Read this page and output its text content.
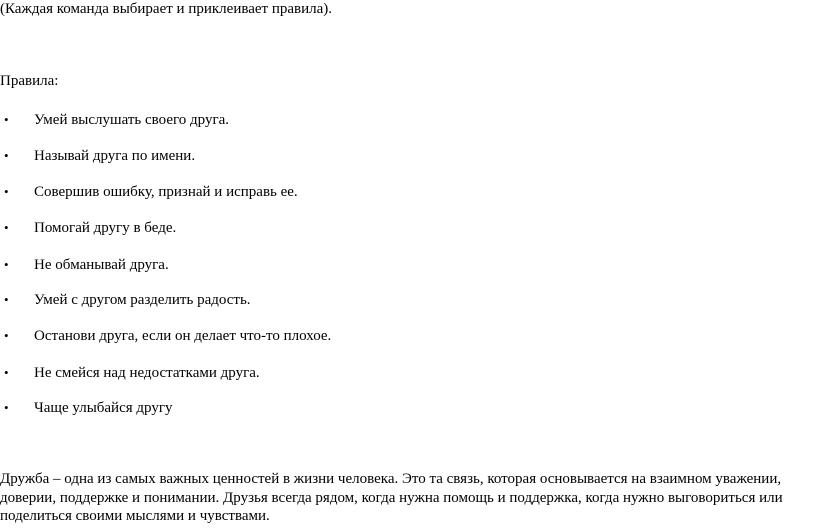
(Каждая команда выбирает и приклеивает правила).
Правила:
• Умей выслушать своего друга.
• Называй друга по имени.
• Совершив ошибку, признай и исправь ее.
• Помогай другу в беде.
• Не обманывай друга.
• Умей с другом разделить радость.
• Останови друга, если он делает что-то плохое.
• Не смейся над недостатками друга.
• Чаще улыбайся другу
Дружба – одна из самых важных ценностей в жизни человека. Это та связь, которая основывается на взаимном уважении, доверии, поддержке и понимании. Друзья всегда рядом, когда нужна помощь и поддержка, когда нужно выговориться или поделиться своими мыслями и чувствами.
